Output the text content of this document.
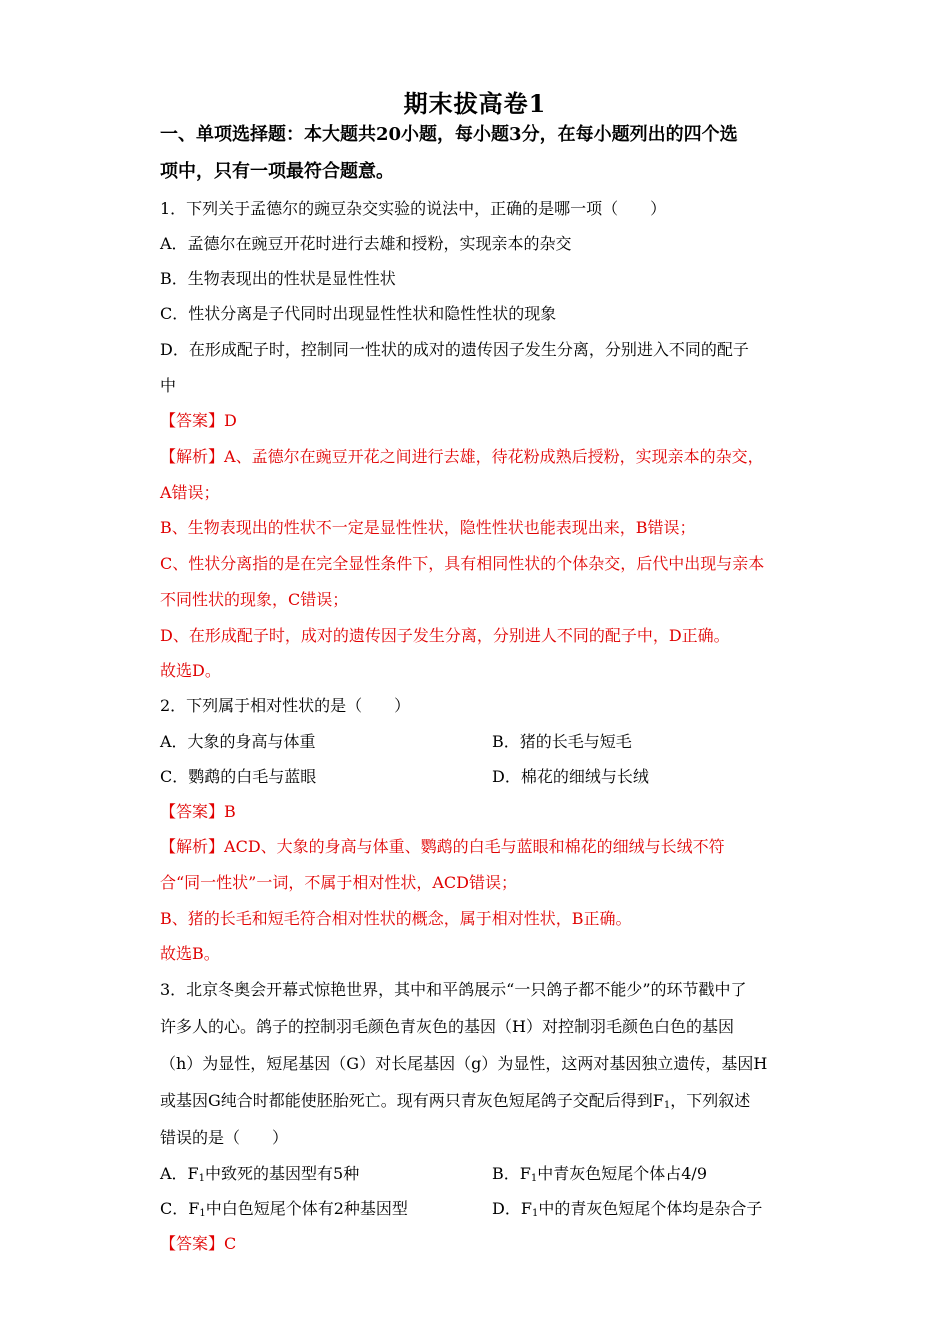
期末拔高卷1
一、单项选择题：本大题共20小题，每小题3分，在每小题列出的四个选
项中，只有一项最符合题意。
1．下列关于孟德尔的豌豆杂交实验的说法中，正确的是哪一项（　　）
A．孟德尔在豌豆开花时进行去雄和授粉，实现亲本的杂交
B．生物表现出的性状是显性性状
C．性状分离是子代同时出现显性性状和隐性性状的现象
D．在形成配子时，控制同一性状的成对的遗传因子发生分离，分别进入不同的配子
中
【答案】D
【解析】A、孟德尔在豌豆开花之间进行去雄，待花粉成熟后授粉，实现亲本的杂交，
A错误；
B、生物表现出的性状不一定是显性性状，隐性性状也能表现出来，B错误；
C、性状分离指的是在完全显性条件下，具有相同性状的个体杂交，后代中出现与亲本
不同性状的现象，C错误；
D、在形成配子时，成对的遗传因子发生分离，分别进人不同的配子中，D正确。
故选D。
2．下列属于相对性状的是（　　）
A．大象的身高与体重	B．猪的长毛与短毛
C．鹦鹉的白毛与蓝眼	D．棉花的细绒与长绒
【答案】B
【解析】ACD、大象的身高与体重、鹦鹉的白毛与蓝眼和棉花的细绒与长绒不符
合“同一性状”一词，不属于相对性状，ACD错误；
B、猪的长毛和短毛符合相对性状的概念，属于相对性状，B正确。
故选B。
3．北京冬奥会开幕式惊艳世界，其中和平鸽展示“一只鸽子都不能少”的环节戳中了
许多人的心。鸽子的控制羽毛颜色青灰色的基因（H）对控制羽毛颜色白色的基因
（h）为显性，短尾基因（G）对长尾基因（g）为显性，这两对基因独立遗传，基因H
或基因G纯合时都能使胚胎死亡。现有两只青灰色短尾鸽子交配后得到$F_1$，下列叙述
错误的是（　　）
A．$F_1$中致死的基因型有5种	B．$F_1$中青灰色短尾个体占4/9
C．$F_1$中白色短尾个体有2种基因型	D．$F_1$中的青灰色短尾个体均是杂合子
【答案】C
